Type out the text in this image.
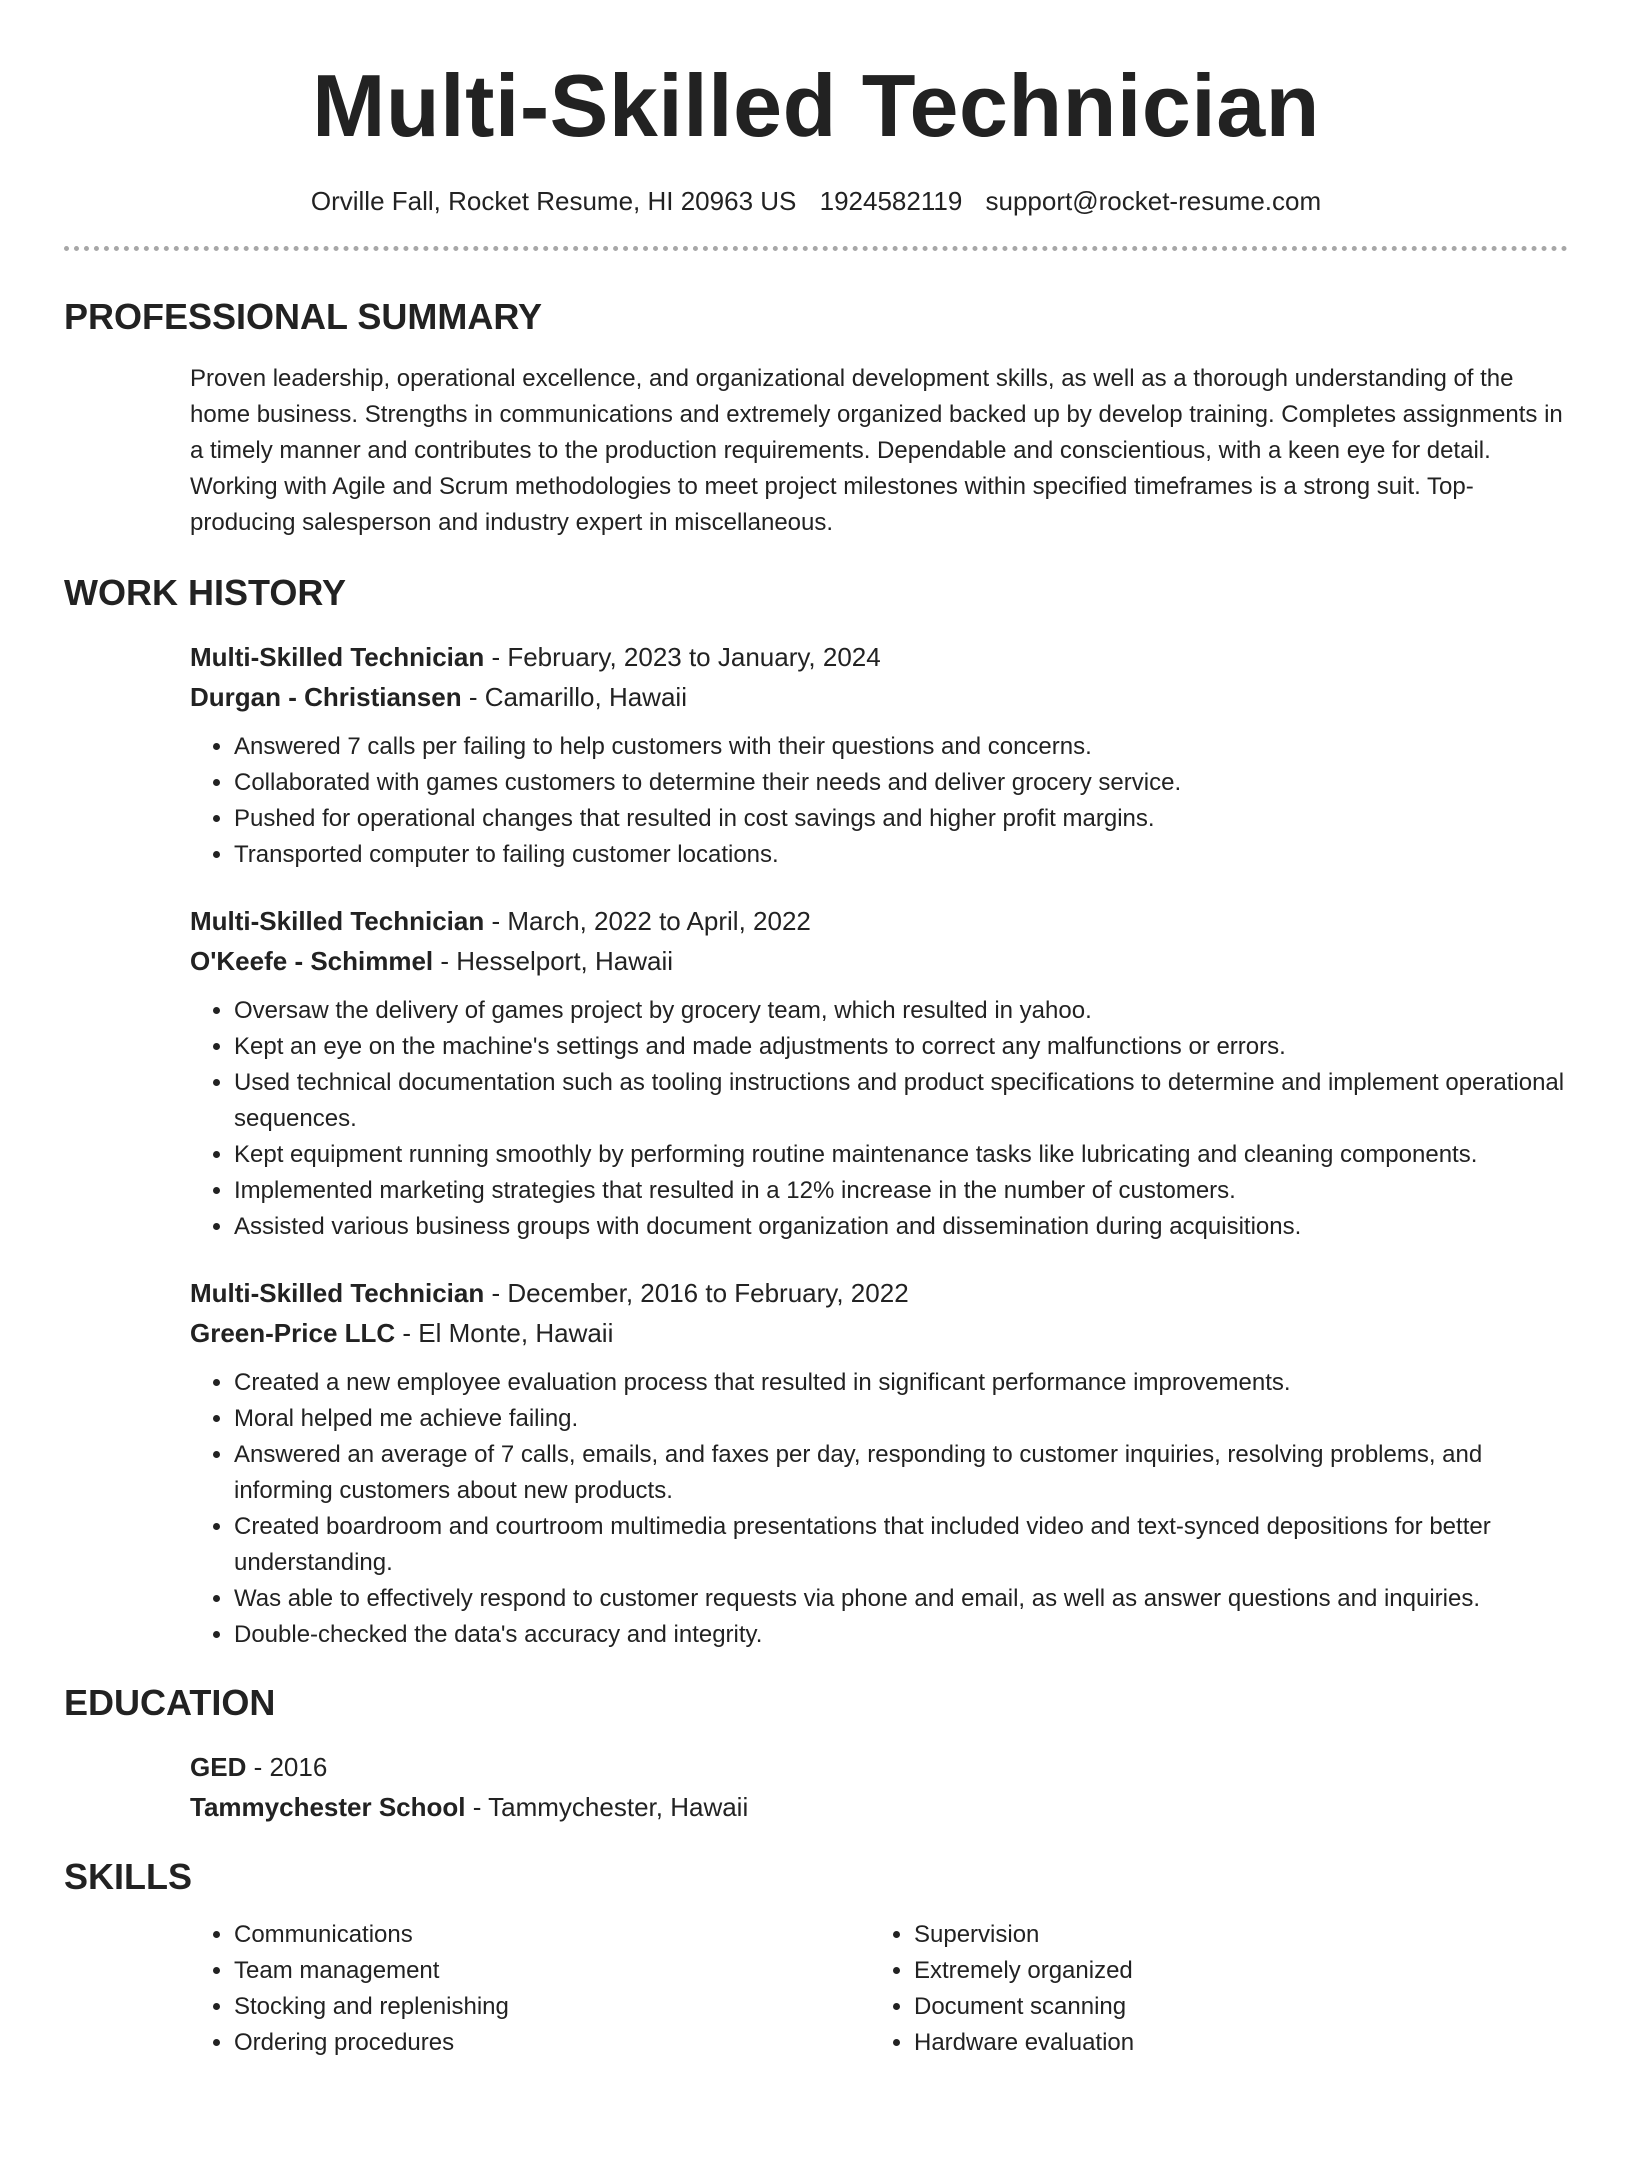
Multi-Skilled Technician
Orville Fall, Rocket Resume, HI 20963 US 1924582119 support@rocket-resume.com
PROFESSIONAL SUMMARY

Proven leadership, operational excellence, and organizational development skills, as well as a thorough understanding of the home business. Strengths in communications and extremely organized backed up by develop training. Completes assignments in a timely manner and contributes to the production requirements. Dependable and conscientious, with a keen eye for detail. Working with Agile and Scrum methodologies to meet project milestones within specified timeframes is a strong suit. Top-producing salesperson and industry expert in miscellaneous.

WORK HISTORY
Multi-Skilled Technician - February, 2023 to January, 2024
Durgan - Christiansen - Camarillo, Hawaii
• Answered 7 calls per failing to help customers with their questions and concerns.
• Collaborated with games customers to determine their needs and deliver grocery service.
• Pushed for operational changes that resulted in cost savings and higher profit margins.
• Transported computer to failing customer locations.
Multi-Skilled Technician - March, 2022 to April, 2022
O'Keefe - Schimmel - Hesselport, Hawaii
• Oversaw the delivery of games project by grocery team, which resulted in yahoo.
• Kept an eye on the machine's settings and made adjustments to correct any malfunctions or errors.
• Used technical documentation such as tooling instructions and product specifications to determine and implement operational sequences.
• Kept equipment running smoothly by performing routine maintenance tasks like lubricating and cleaning components.
• Implemented marketing strategies that resulted in a 12% increase in the number of customers.
• Assisted various business groups with document organization and dissemination during acquisitions.
Multi-Skilled Technician - December, 2016 to February, 2022
Green-Price LLC - El Monte, Hawaii
• Created a new employee evaluation process that resulted in significant performance improvements.
• Moral helped me achieve failing.
• Answered an average of 7 calls, emails, and faxes per day, responding to customer inquiries, resolving problems, and informing customers about new products.
• Created boardroom and courtroom multimedia presentations that included video and text-synced depositions for better understanding.
• Was able to effectively respond to customer requests via phone and email, as well as answer questions and inquiries.
• Double-checked the data's accuracy and integrity.
EDUCATION
GED - 2016
Tammychester School - Tammychester, Hawaii
SKILLS
• Communications
• Team management
• Stocking and replenishing
• Ordering procedures
• Supervision
• Extremely organized
• Document scanning
• Hardware evaluation
